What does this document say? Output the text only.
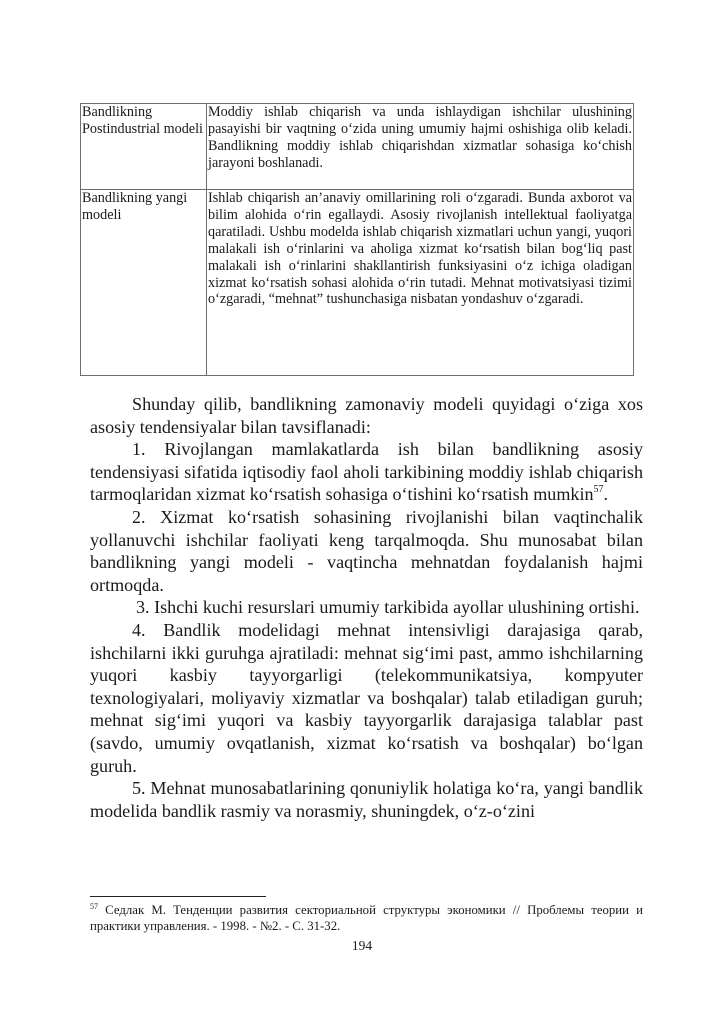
Bandlikning Postindustrial modeli	Moddiy ishlab chiqarish va unda ishlaydigan ishchilar ulushining pasayishi bir vaqtning o‘zida uning umumiy hajmi oshishiga olib keladi. Bandlikning moddiy ishlab chiqarishdan xizmatlar sohasiga ko‘chish jarayoni boshlanadi.
Bandlikning yangi modeli	Ishlab chiqarish an’anaviy omillarining roli o‘zgaradi. Bunda axborot va bilim alohida o‘rin egallaydi. Asosiy rivojlanish intellektual faoliyatga qaratiladi. Ushbu modelda ishlab chiqarish xizmatlari uchun yangi, yuqori malakali ish o‘rinlarini va aholiga xizmat ko‘rsatish bilan bog‘liq past malakali ish o‘rinlarini shakllantirish funksiyasini o‘z ichiga oladigan xizmat ko‘rsatish sohasi alohida o‘rin tutadi. Mehnat motivatsiyasi tizimi o‘zgaradi, “mehnat” tushunchasiga nisbatan yondashuv o‘zgaradi.

Shunday qilib, bandlikning zamonaviy modeli quyidagi o‘ziga xos asosiy tendensiyalar bilan tavsiflanadi:

1. Rivojlangan mamlakatlarda ish bilan bandlikning asosiy tendensiyasi sifatida iqtisodiy faol aholi tarkibining moddiy ishlab chiqarish tarmoqlaridan xizmat ko‘rsatish sohasiga o‘tishini ko‘rsatish mumkin$^{57}$.

2. Xizmat ko‘rsatish sohasining rivojlanishi bilan vaqtinchalik yollanuvchi ishchilar faoliyati keng tarqalmoqda. Shu munosabat bilan bandlikning yangi modeli - vaqtincha mehnatdan foydalanish hajmi ortmoqda.

3. Ishchi kuchi resurslari umumiy tarkibida ayollar ulushining ortishi.

4. Bandlik modelidagi mehnat intensivligi darajasiga qarab, ishchilarni ikki guruhga ajratiladi: mehnat sig‘imi past, ammo ishchilarning yuqori kasbiy tayyorgarligi (telekommunikatsiya, kompyuter texnologiyalari, moliyaviy xizmatlar va boshqalar) talab etiladigan guruh; mehnat sig‘imi yuqori va kasbiy tayyorgarlik darajasiga talablar past (savdo, umumiy ovqatlanish, xizmat ko‘rsatish va boshqalar) bo‘lgan guruh.

5. Mehnat munosabatlarining qonuniylik holatiga ko‘ra, yangi bandlik modelida bandlik rasmiy va norasmiy, shuningdek, o‘z-o‘zini

$^{57}$ Седлак М. Тенденции развития секториальной структуры экономики // Проблемы теории и практики управления. - 1998. - №2. - С. 31-32.
194
